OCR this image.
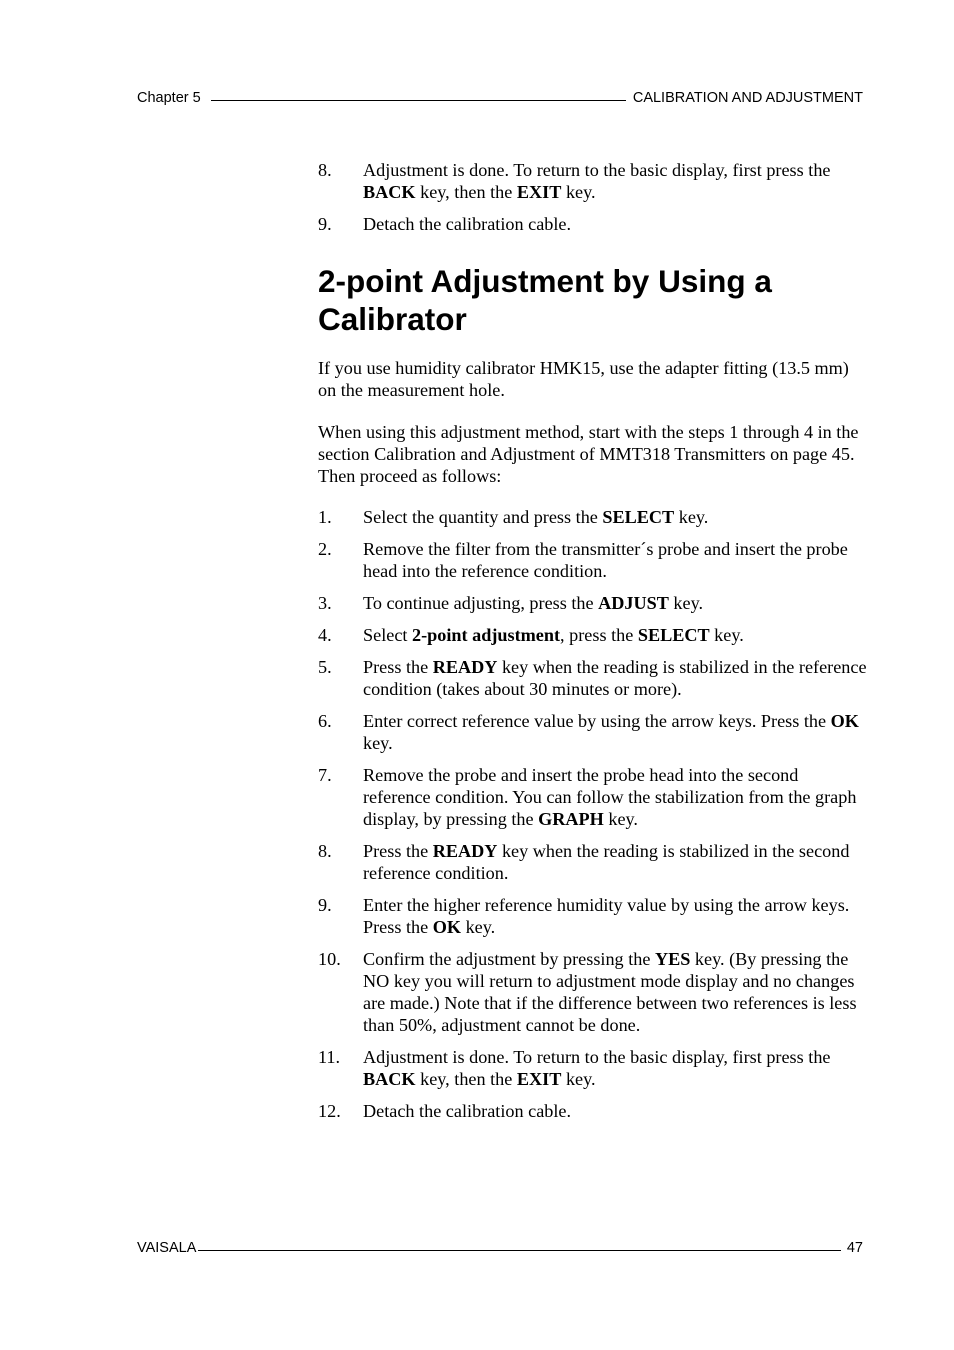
Chapter 5	CALIBRATION AND ADJUSTMENT
8.	Adjustment is done. To return to the basic display, first press the BACK key, then the EXIT key.
9.	Detach the calibration cable.
2-point Adjustment by Using a
Calibrator

If you use humidity calibrator HMK15, use the adapter fitting (13.5 mm) on the measurement hole.

When using this adjustment method, start with the steps 1 through 4 in the section Calibration and Adjustment of MMT318 Transmitters on page 45. Then proceed as follows:

1.	Select the quantity and press the SELECT key.
2.	Remove the filter from the transmitter´s probe and insert the probe head into the reference condition.
3.	To continue adjusting, press the ADJUST key.
4.	Select 2-point adjustment, press the SELECT key.
5.	Press the READY key when the reading is stabilized in the reference condition (takes about 30 minutes or more).
6.	Enter correct reference value by using the arrow keys. Press the OK key.
7.	Remove the probe and insert the probe head into the second reference condition. You can follow the stabilization from the graph display, by pressing the GRAPH key.
8.	Press the READY key when the reading is stabilized in the second reference condition.
9.	Enter the higher reference humidity value by using the arrow keys. Press the OK key.
10.	Confirm the adjustment by pressing the YES key. (By pressing the NO key you will return to adjustment mode display and no changes are made.) Note that if the difference between two references is less than 50%, adjustment cannot be done.
11.	Adjustment is done. To return to the basic display, first press the BACK key, then the EXIT key.
12.	Detach the calibration cable.
VAISALA	47
